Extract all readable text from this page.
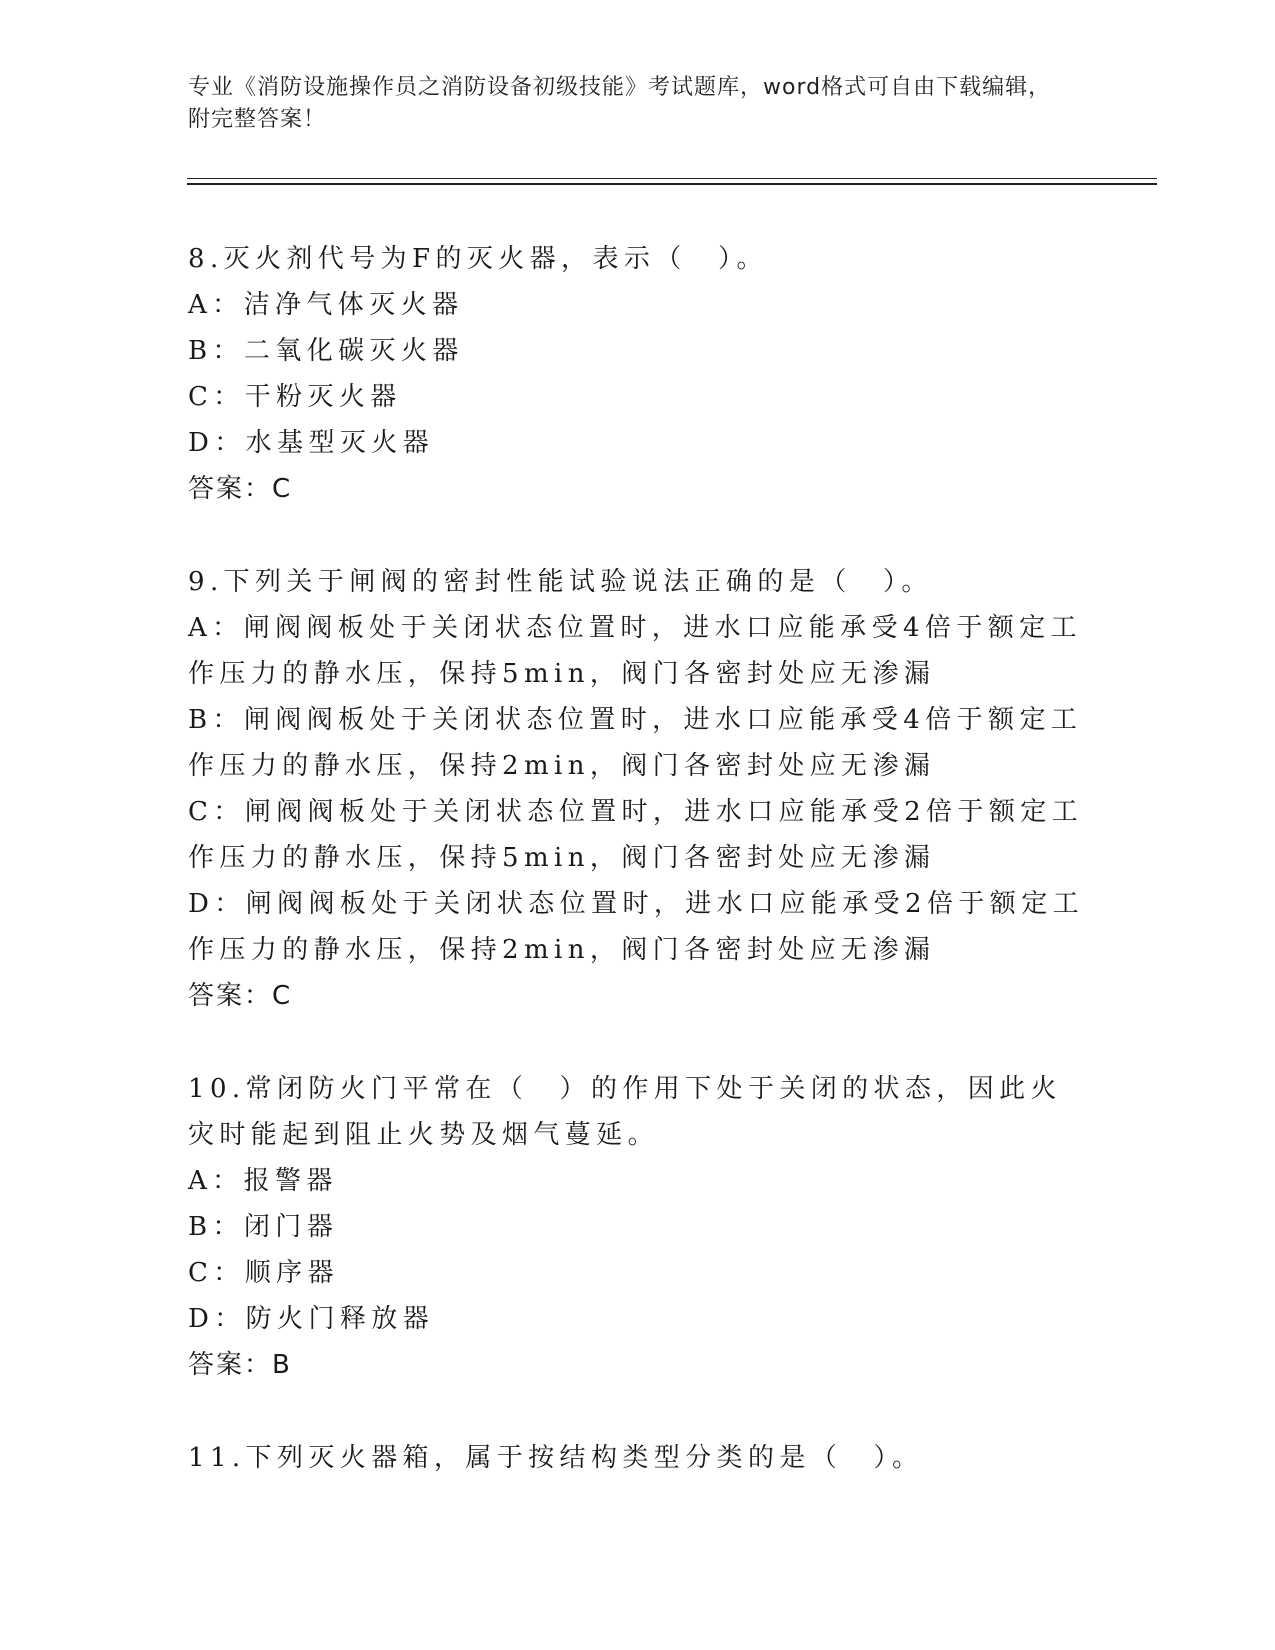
专业《消防设施操作员之消防设备初级技能》考试题库，word格式可自由下载编辑，附完整答案！
8.灭火剂代号为F的灭火器，表示（　）。
A：洁净气体灭火器
B：二氧化碳灭火器
C：干粉灭火器
D：水基型灭火器
答案：C
9.下列关于闸阀的密封性能试验说法正确的是（　）。
A：闸阀阀板处于关闭状态位置时，进水口应能承受4倍于额定工作压力的静水压，保持5min，阀门各密封处应无渗漏
B：闸阀阀板处于关闭状态位置时，进水口应能承受4倍于额定工作压力的静水压，保持2min，阀门各密封处应无渗漏
C：闸阀阀板处于关闭状态位置时，进水口应能承受2倍于额定工作压力的静水压，保持5min，阀门各密封处应无渗漏
D：闸阀阀板处于关闭状态位置时，进水口应能承受2倍于额定工作压力的静水压，保持2min，阀门各密封处应无渗漏
答案：C
10.常闭防火门平常在（　）的作用下处于关闭的状态，因此火灾时能起到阻止火势及烟气蔓延。
A：报警器
B：闭门器
C：顺序器
D：防火门释放器
答案：B
11.下列灭火器箱，属于按结构类型分类的是（　）。
